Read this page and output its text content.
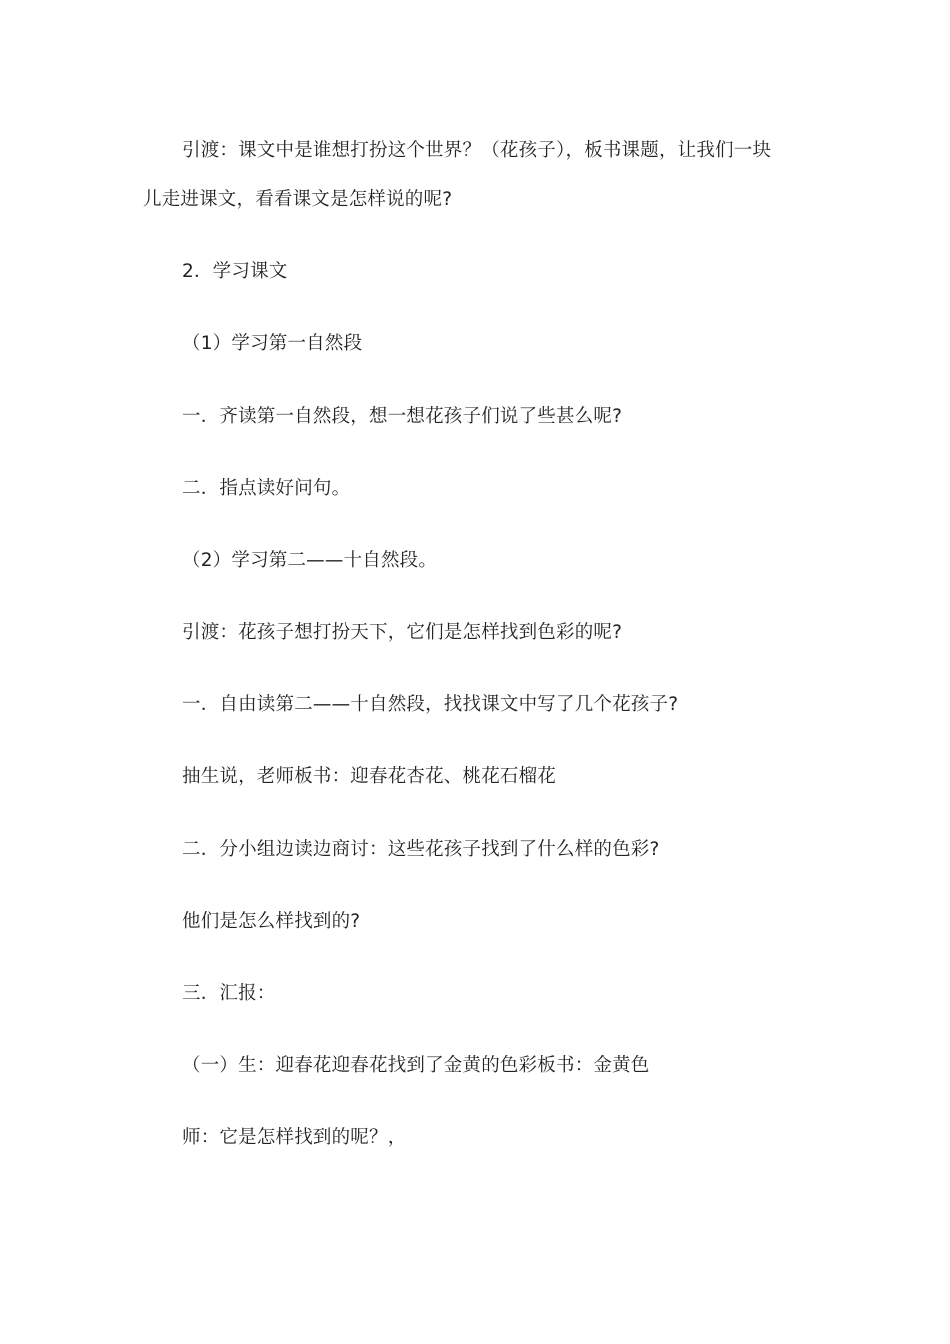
引渡：课文中是谁想打扮这个世界？（花孩子），板书课题，让我们一块
儿走进课文，看看课文是怎样说的呢?
2．学习课文
（1）学习第一自然段
一．齐读第一自然段，想一想花孩子们说了些甚么呢?
二．指点读好问句。
（2）学习第二——十自然段。
引渡：花孩子想打扮天下，它们是怎样找到色彩的呢?
一．自由读第二——十自然段，找找课文中写了几个花孩子?
抽生说，老师板书：迎春花杏花、桃花石榴花
二．分小组边读边商讨：这些花孩子找到了什么样的色彩?
他们是怎么样找到的?
三．汇报：
（一）生：迎春花迎春花找到了金黄的色彩板书：金黄色
师：它是怎样找到的呢？，
